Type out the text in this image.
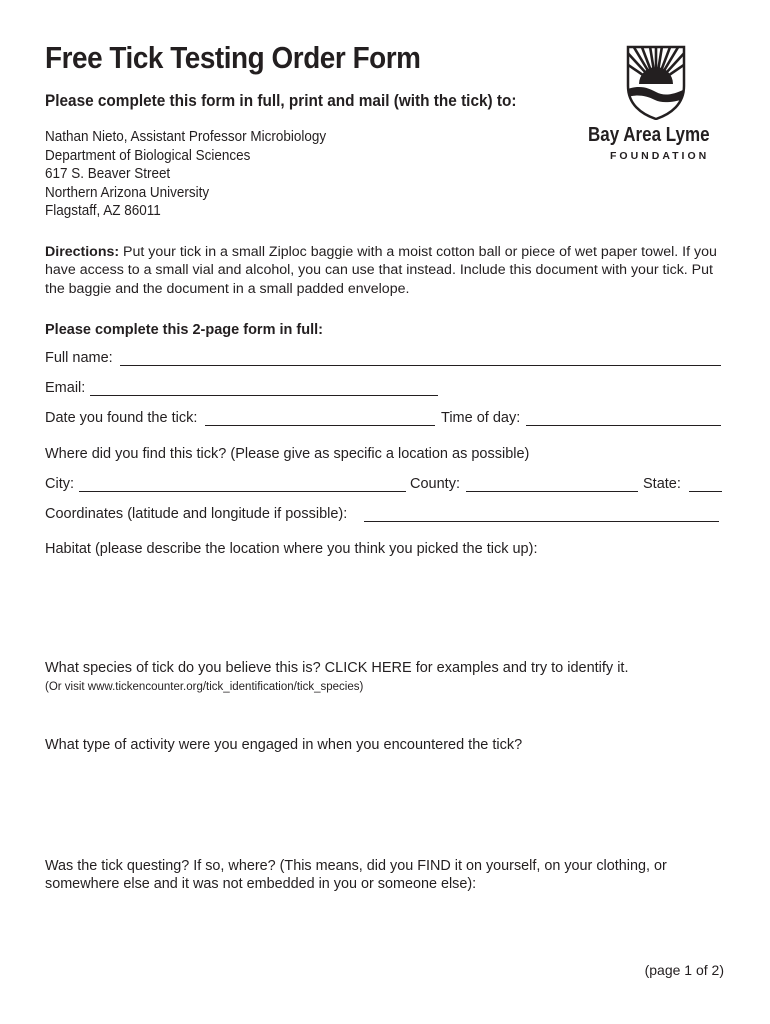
Free Tick Testing Order Form
Please complete this form in full, print and mail (with the tick) to:
Nathan Nieto, Assistant Professor Microbiology
Department of Biological Sciences
617 S. Beaver Street
Northern Arizona University
Flagstaff, AZ 86011
Bay Area Lyme
FOUNDATION
Directions: Put your tick in a small Ziploc baggie with a moist cotton ball or piece of wet paper towel. If you have access to a small vial and alcohol, you can use that instead. Include this document with your tick. Put the baggie and the document in a small padded envelope.
Please complete this 2-page form in full:
Full name:
Email:
Date you found the tick:	Time of day:
Where did you find this tick? (Please give as specific a location as possible)
City:	County:	State:
Coordinates (latitude and longitude if possible):
Habitat (please describe the location where you think you picked the tick up):
What species of tick do you believe this is? CLICK HERE for examples and try to identify it.
(Or visit www.tickencounter.org/tick_identification/tick_species)
What type of activity were you engaged in when you encountered the tick?
Was the tick questing? If so, where? (This means, did you FIND it on yourself, on your clothing, or somewhere else and it was not embedded in you or someone else):
(page 1 of 2)
